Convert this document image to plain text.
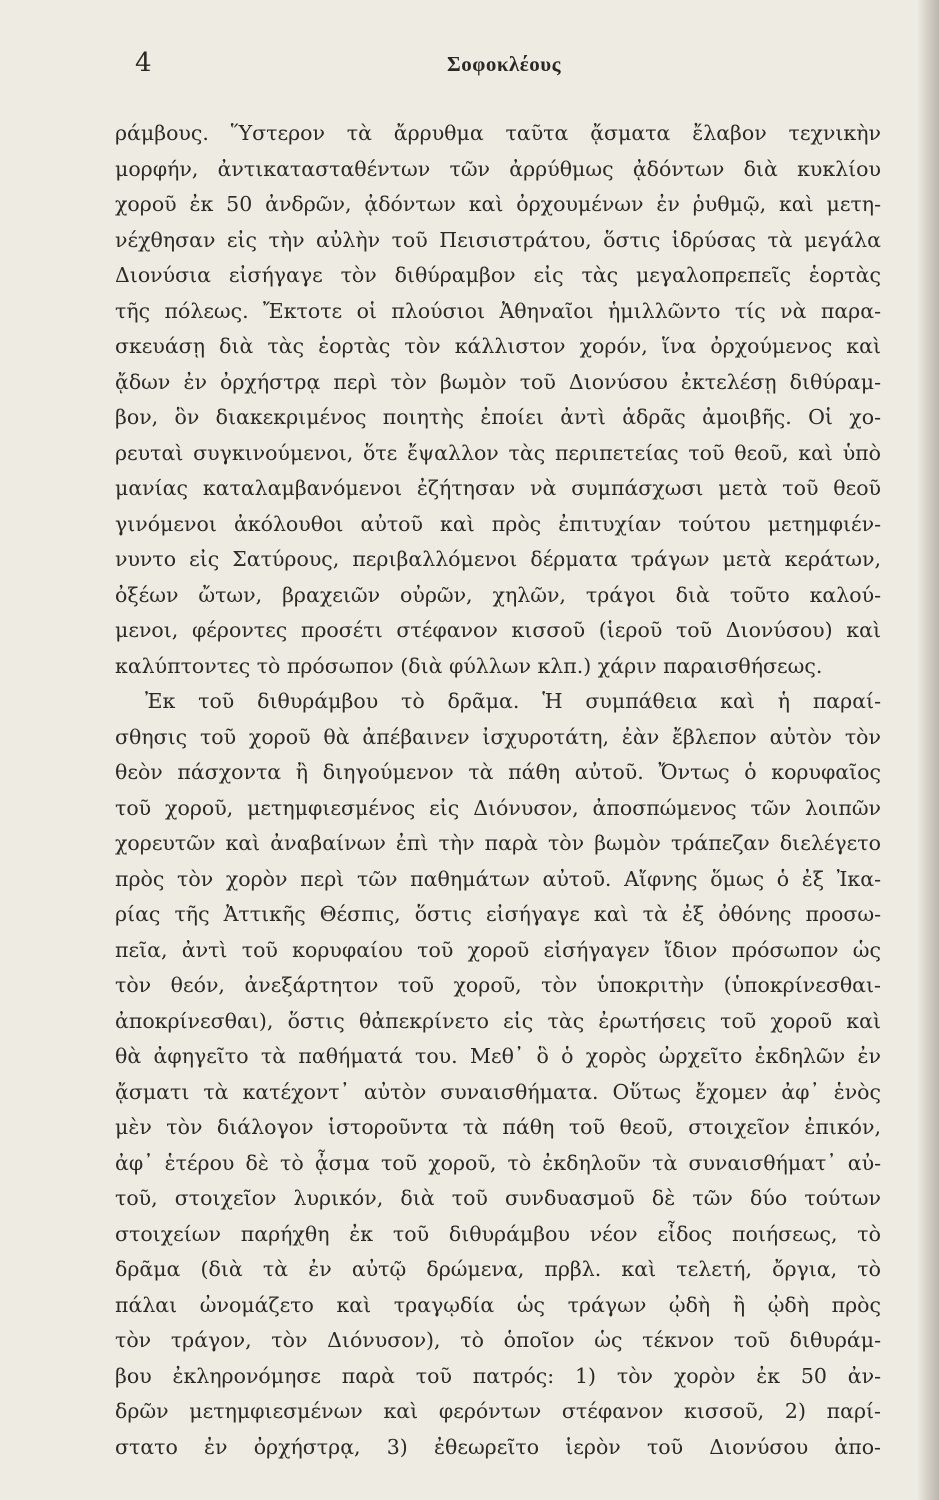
4	Σοφοκλέους
ράμβους. Ὕστερον τὰ ἄρρυθμα ταῦτα ᾄσματα ἔλαβον τεχνικὴν
μορφήν, ἀντικατασταθέντων τῶν ἀρρύθμως ᾀδόντων διὰ κυκλίου
χοροῦ ἐκ 50 ἀνδρῶν, ᾀδόντων καὶ ὀρχουμένων ἐν ῥυθμῷ, καὶ μετη-
νέχθησαν εἰς τὴν αὐλὴν τοῦ Πεισιστράτου, ὅστις ἱδρύσας τὰ μεγάλα
Διονύσια εἰσήγαγε τὸν διθύραμβον εἰς τὰς μεγαλοπρεπεῖς ἑορτὰς
τῆς πόλεως. Ἔκτοτε οἱ πλούσιοι Ἀθηναῖοι ἡμιλλῶντο τίς νὰ παρα-
σκευάσῃ διὰ τὰς ἑορτὰς τὸν κάλλιστον χορόν, ἵνα ὀρχούμενος καὶ
ᾄδων ἐν ὀρχήστρᾳ περὶ τὸν βωμὸν τοῦ Διονύσου ἐκτελέσῃ διθύραμ-
βον, ὃν διακεκριμένος ποιητὴς ἐποίει ἀντὶ ἁδρᾶς ἀμοιβῆς. Οἱ χο-
ρευταὶ συγκινούμενοι, ὅτε ἔψαλλον τὰς περιπετείας τοῦ θεοῦ, καὶ ὑπὸ
μανίας καταλαμβανόμενοι ἐζήτησαν νὰ συμπάσχωσι μετὰ τοῦ θεοῦ
γινόμενοι ἀκόλουθοι αὐτοῦ καὶ πρὸς ἐπιτυχίαν τούτου μετημφιέν-
νυντο εἰς Σατύρους, περιβαλλόμενοι δέρματα τράγων μετὰ κεράτων,
ὀξέων ὤτων, βραχειῶν οὐρῶν, χηλῶν, τράγοι διὰ τοῦτο καλού-
μενοι, φέροντες προσέτι στέφανον κισσοῦ (ἱεροῦ τοῦ Διονύσου) καὶ
καλύπτοντες τὸ πρόσωπον (διὰ φύλλων κλπ.) χάριν παραισθήσεως.
Ἐκ τοῦ διθυράμβου τὸ δρᾶμα. Ἡ συμπάθεια καὶ ἡ παραί-
σθησις τοῦ χοροῦ θὰ ἀπέβαινεν ἰσχυροτάτη, ἐὰν ἔβλεπον αὐτὸν τὸν
θεὸν πάσχοντα ἢ διηγούμενον τὰ πάθη αὐτοῦ. Ὄντως ὁ κορυφαῖος
τοῦ χοροῦ, μετημφιεσμένος εἰς Διόνυσον, ἀποσπώμενος τῶν λοιπῶν
χορευτῶν καὶ ἀναβαίνων ἐπὶ τὴν παρὰ τὸν βωμὸν τράπεζαν διελέγετο
πρὸς τὸν χορὸν περὶ τῶν παθημάτων αὐτοῦ. Αἴφνης ὅμως ὁ ἐξ Ἰκα-
ρίας τῆς Ἀττικῆς Θέσπις, ὅστις εἰσήγαγε καὶ τὰ ἐξ ὀθόνης προσω-
πεῖα, ἀντὶ τοῦ κορυφαίου τοῦ χοροῦ εἰσήγαγεν ἴδιον πρόσωπον ὡς
τὸν θεόν, ἀνεξάρτητον τοῦ χοροῦ, τὸν ὑποκριτὴν (ὑποκρίνεσθαι-
ἀποκρίνεσθαι), ὅστις θἀπεκρίνετο εἰς τὰς ἐρωτήσεις τοῦ χοροῦ καὶ
θὰ ἀφηγεῖτο τὰ παθήματά του. Μεθ᾽ ὃ ὁ χορὸς ὠρχεῖτο ἐκδηλῶν ἐν
ᾄσματι τὰ κατέχοντ᾽ αὐτὸν συναισθήματα. Οὕτως ἔχομεν ἀφ᾽ ἑνὸς
μὲν τὸν διάλογον ἱστοροῦντα τὰ πάθη τοῦ θεοῦ, στοιχεῖον ἐπικόν,
ἀφ᾽ ἑτέρου δὲ τὸ ᾆσμα τοῦ χοροῦ, τὸ ἐκδηλοῦν τὰ συναισθήματ᾽ αὐ-
τοῦ, στοιχεῖον λυρικόν, διὰ τοῦ συνδυασμοῦ δὲ τῶν δύο τούτων
στοιχείων παρήχθη ἐκ τοῦ διθυράμβου νέον εἶδος ποιήσεως, τὸ
δρᾶμα (διὰ τὰ ἐν αὐτῷ δρώμενα, πρβλ. καὶ τελετή, ὄργια, τὸ
πάλαι ὠνομάζετο καὶ τραγῳδία ὡς τράγων ᾠδὴ ἢ ᾠδὴ πρὸς
τὸν τράγον, τὸν Διόνυσον), τὸ ὁποῖον ὡς τέκνον τοῦ διθυράμ-
βου ἐκληρονόμησε παρὰ τοῦ πατρός: 1) τὸν χορὸν ἐκ 50 ἀν-
δρῶν μετημφιεσμένων καὶ φερόντων στέφανον κισσοῦ, 2) παρί-
στατο ἐν ὀρχήστρᾳ, 3) ἐθεωρεῖτο ἱερὸν τοῦ Διονύσου ἀπο-
